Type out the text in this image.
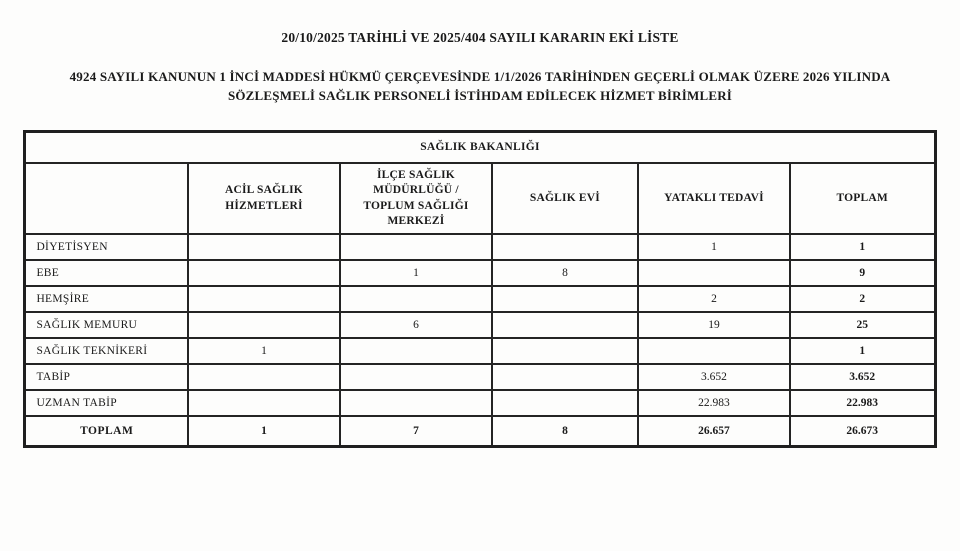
20/10/2025 TARİHLİ VE 2025/404 SAYILI KARARIN EKİ LİSTE
4924 SAYILI KANUNUN 1 İNCİ MADDESİ HÜKMÜ ÇERÇEVESİNDE 1/1/2026 TARİHİNDEN GEÇERLİ OLMAK ÜZERE 2026 YILINDA SÖZLEŞMELİ SAĞLIK PERSONELİ İSTİHDAM EDİLECEK HİZMET BİRİMLERİ
SAĞLIK BAKANLIĞI					
	ACİL SAĞLIK HİZMETLERİ	İLÇE SAĞLIK MÜDÜRLÜĞÜ / TOPLUM SAĞLIĞI MERKEZİ	SAĞLIK EVİ	YATAKLI TEDAVİ	TOPLAM
DİYETİSYEN				1	1
EBE		1	8		9
HEMŞİRE				2	2
SAĞLIK MEMURU		6		19	25
SAĞLIK TEKNİKERİ	1				1
TABİP				3.652	3.652
UZMAN TABİP				22.983	22.983
TOPLAM	1	7	8	26.657	26.673
